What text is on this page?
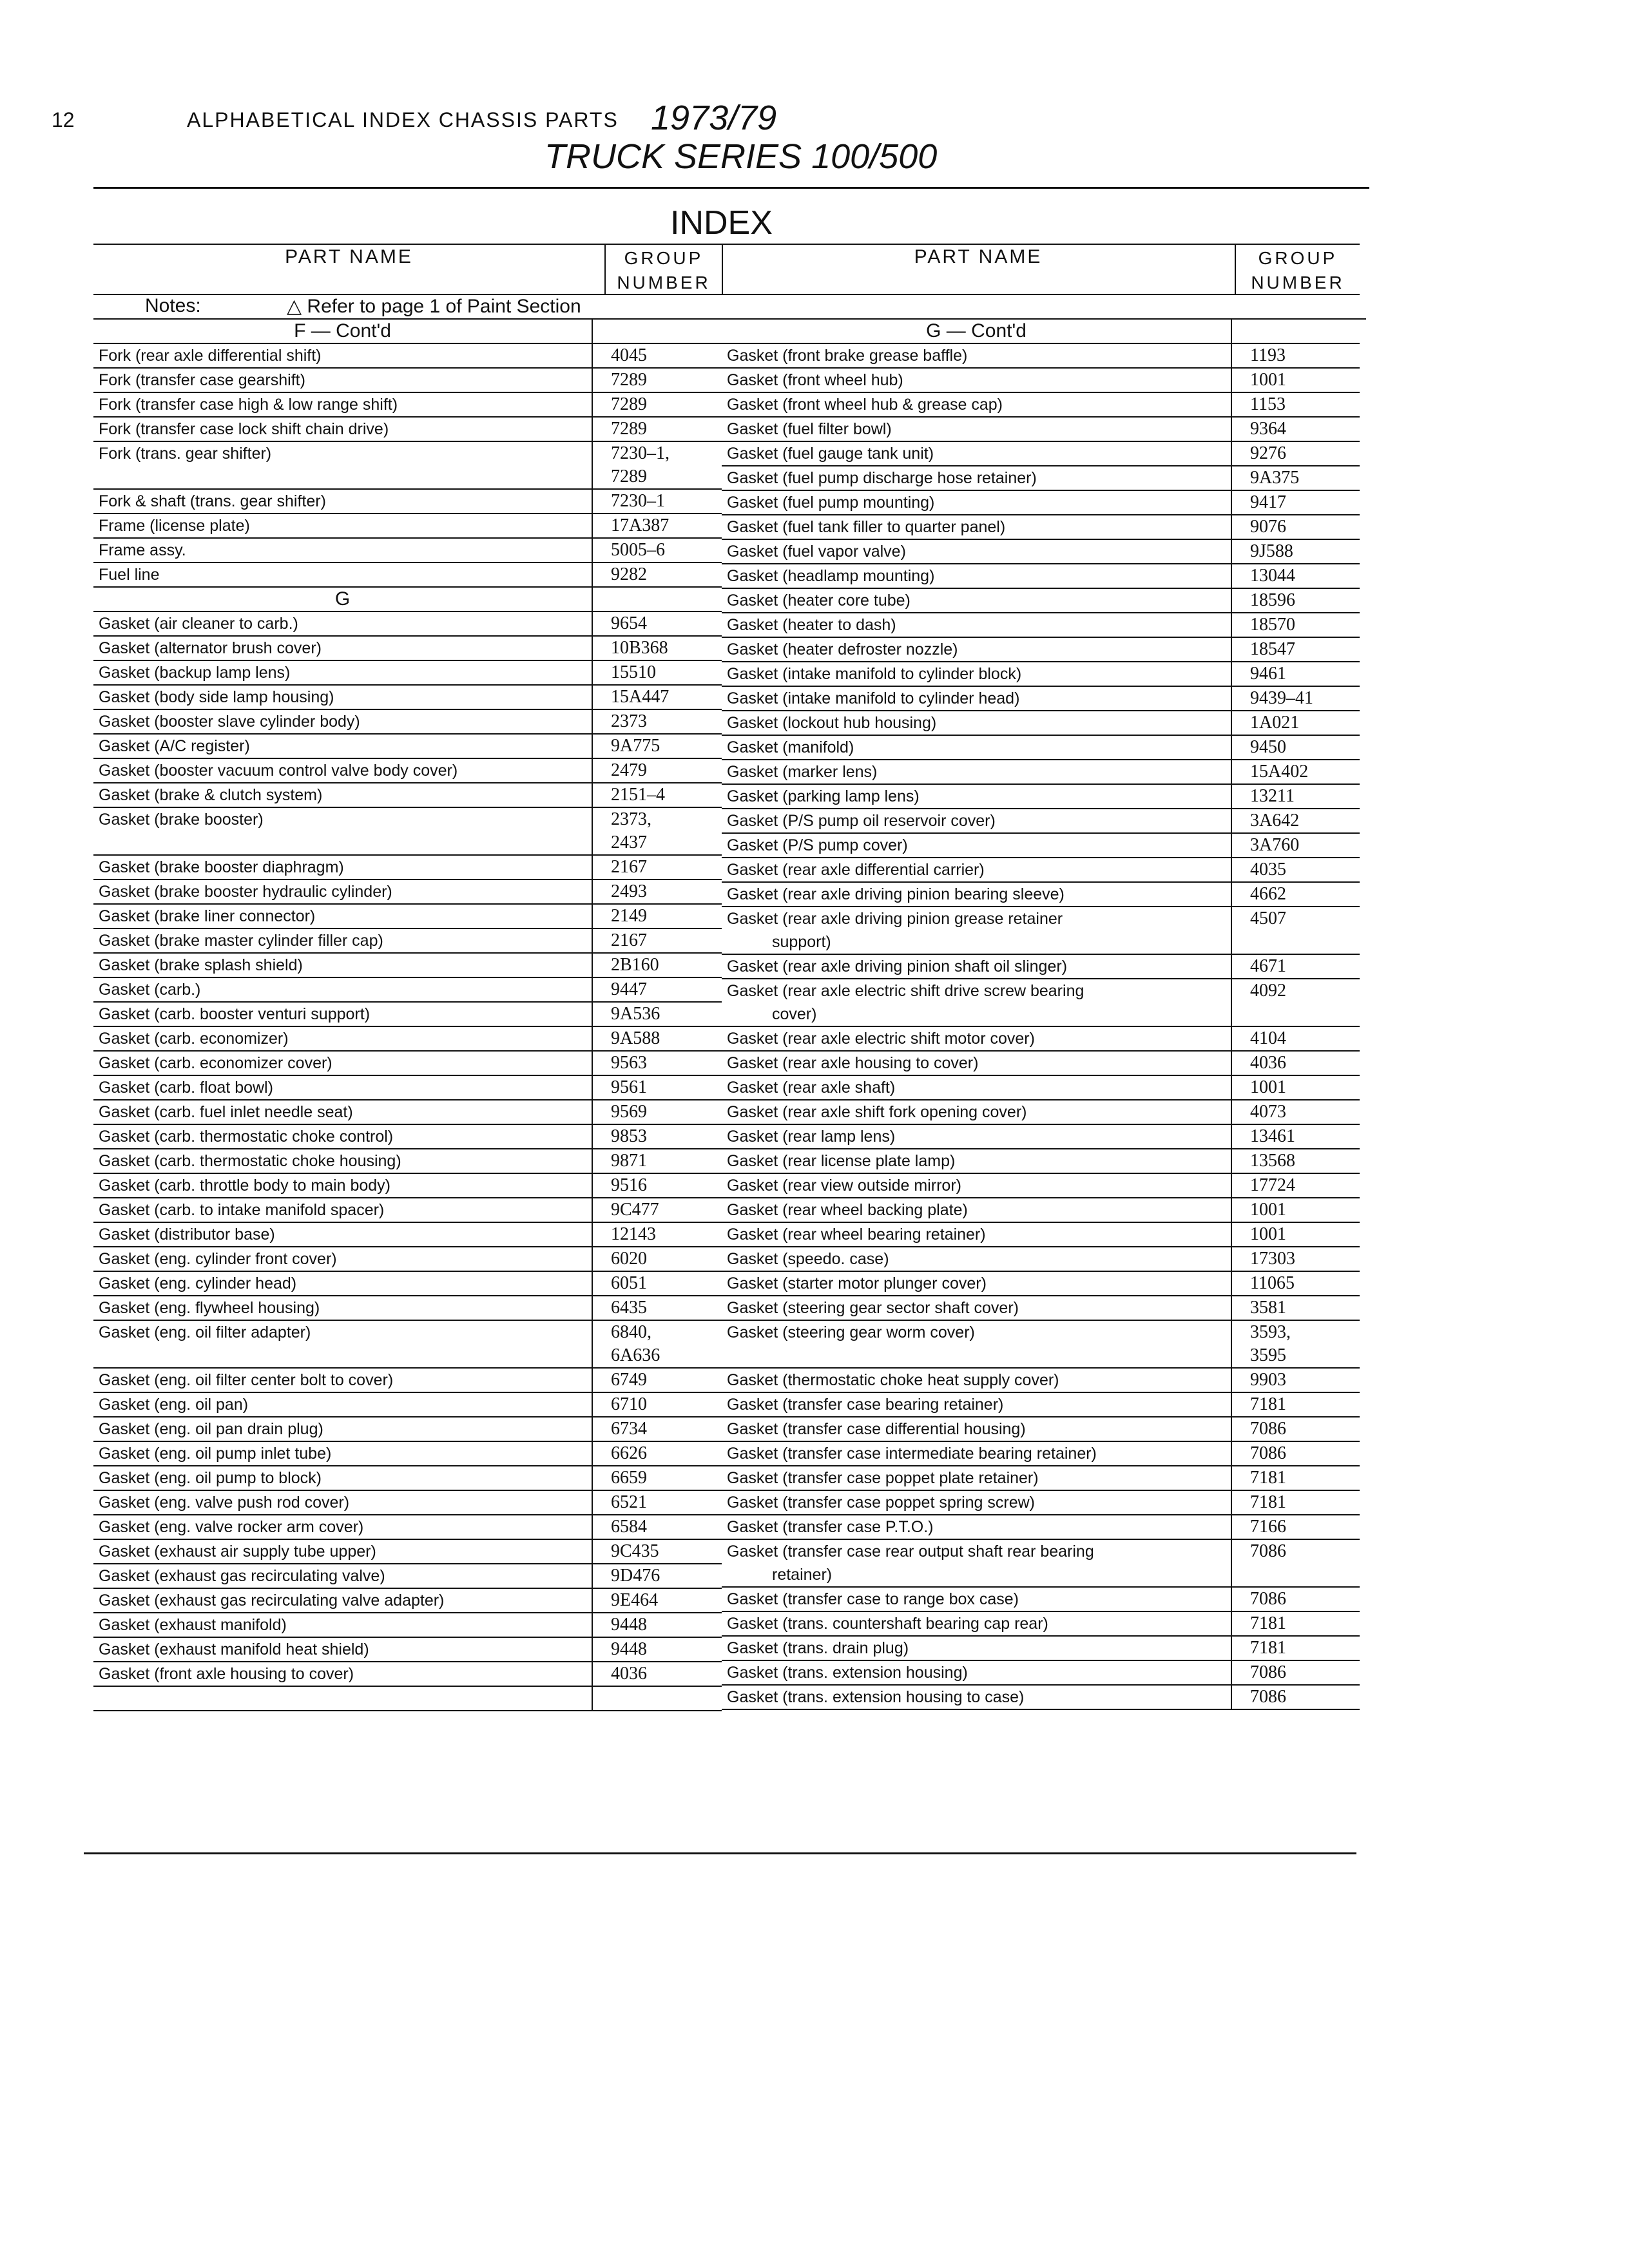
12	ALPHABETICAL INDEX CHASSIS PARTS 1973/79
TRUCK SERIES 100/500
INDEX
PART NAME	GROUP
NUMBER
F — Cont'd
Fork (rear axle differential shift)	4045
Fork (transfer case gearshift)	7289
Fork (transfer case high & low range shift)	7289
Fork (transfer case lock shift chain drive)	7289
Fork (trans. gear shifter)
	7230–1,
7289
Fork & shaft (trans. gear shifter)	7230–1
Frame (license plate)	17A387
Frame assy.	5005–6
Fuel line	9282
G
Gasket (air cleaner to carb.)	9654
Gasket (alternator brush cover)	10B368
Gasket (backup lamp lens)	15510
Gasket (body side lamp housing)	15A447
Gasket (booster slave cylinder body)	2373
Gasket (A/C register)	9A775
Gasket (booster vacuum control valve body cover)	2479
Gasket (brake & clutch system)	2151–4
Gasket (brake booster)
	2373,
2437
Gasket (brake booster diaphragm)	2167
Gasket (brake booster hydraulic cylinder)	2493
Gasket (brake liner connector)	2149
Gasket (brake master cylinder filler cap)	2167
Gasket (brake splash shield)	2B160
Gasket (carb.)	9447
Gasket (carb. booster venturi support)	9A536
Gasket (carb. economizer)	9A588
Gasket (carb. economizer cover)	9563
Gasket (carb. float bowl)	9561
Gasket (carb. fuel inlet needle seat)	9569
Gasket (carb. thermostatic choke control)	9853
Gasket (carb. thermostatic choke housing)	9871
Gasket (carb. throttle body to main body)	9516
Gasket (carb. to intake manifold spacer)	9C477
Gasket (distributor base)	12143
Gasket (eng. cylinder front cover)	6020
Gasket (eng. cylinder head)	6051
Gasket (eng. flywheel housing)	6435
Gasket (eng. oil filter adapter)
	6840,
6A636
Gasket (eng. oil filter center bolt to cover)	6749
Gasket (eng. oil pan)	6710
Gasket (eng. oil pan drain plug)	6734
Gasket (eng. oil pump inlet tube)	6626
Gasket (eng. oil pump to block)	6659
Gasket (eng. valve push rod cover)	6521
Gasket (eng. valve rocker arm cover)	6584
Gasket (exhaust air supply tube upper)	9C435
Gasket (exhaust gas recirculating valve)	9D476
Gasket (exhaust gas recirculating valve adapter)	9E464
Gasket (exhaust manifold)	9448
Gasket (exhaust manifold heat shield)	9448
Gasket (front axle housing to cover)	4036

PART NAME	GROUP
NUMBER
G — Cont'd
Gasket (front brake grease baffle)	1193
Gasket (front wheel hub)	1001
Gasket (front wheel hub & grease cap)	1153
Gasket (fuel filter bowl)	9364
Gasket (fuel gauge tank unit)	9276
Gasket (fuel pump discharge hose retainer)	9A375
Gasket (fuel pump mounting)	9417
Gasket (fuel tank filler to quarter panel)	9076
Gasket (fuel vapor valve)	9J588
Gasket (headlamp mounting)	13044
Gasket (heater core tube)	18596
Gasket (heater to dash)	18570
Gasket (heater defroster nozzle)	18547
Gasket (intake manifold to cylinder block)	9461
Gasket (intake manifold to cylinder head)	9439–41
Gasket (lockout hub housing)	1A021
Gasket (manifold)	9450
Gasket (marker lens)	15A402
Gasket (parking lamp lens)	13211
Gasket (P/S pump oil reservoir cover)	3A642
Gasket (P/S pump cover)	3A760
Gasket (rear axle differential carrier)	4035
Gasket (rear axle driving pinion bearing sleeve)	4662
Gasket (rear axle driving pinion grease retainer
support)
4507

Gasket (rear axle driving pinion shaft oil slinger)	4671
Gasket (rear axle electric shift drive screw bearing
cover)
4092

Gasket (rear axle electric shift motor cover)	4104
Gasket (rear axle housing to cover)	4036
Gasket (rear axle shaft)	1001
Gasket (rear axle shift fork opening cover)	4073
Gasket (rear lamp lens)	13461
Gasket (rear license plate lamp)	13568
Gasket (rear view outside mirror)	17724
Gasket (rear wheel backing plate)	1001
Gasket (rear wheel bearing retainer)	1001
Gasket (speedo. case)	17303
Gasket (starter motor plunger cover)	11065
Gasket (steering gear sector shaft cover)	3581
Gasket (steering gear worm cover)
	3593,
3595
Gasket (thermostatic choke heat supply cover)	9903
Gasket (transfer case bearing retainer)	7181
Gasket (transfer case differential housing)	7086
Gasket (transfer case intermediate bearing retainer)	7086
Gasket (transfer case poppet plate retainer)	7181
Gasket (transfer case poppet spring screw)	7181
Gasket (transfer case P.T.O.)	7166
Gasket (transfer case rear output shaft rear bearing
retainer)
7086

Gasket (transfer case to range box case)	7086
Gasket (trans. countershaft bearing cap rear)	7181
Gasket (trans. drain plug)	7181
Gasket (trans. extension housing)	7086
Gasket (trans. extension housing to case)	7086
Notes:	△ Refer to page 1 of Paint Section
